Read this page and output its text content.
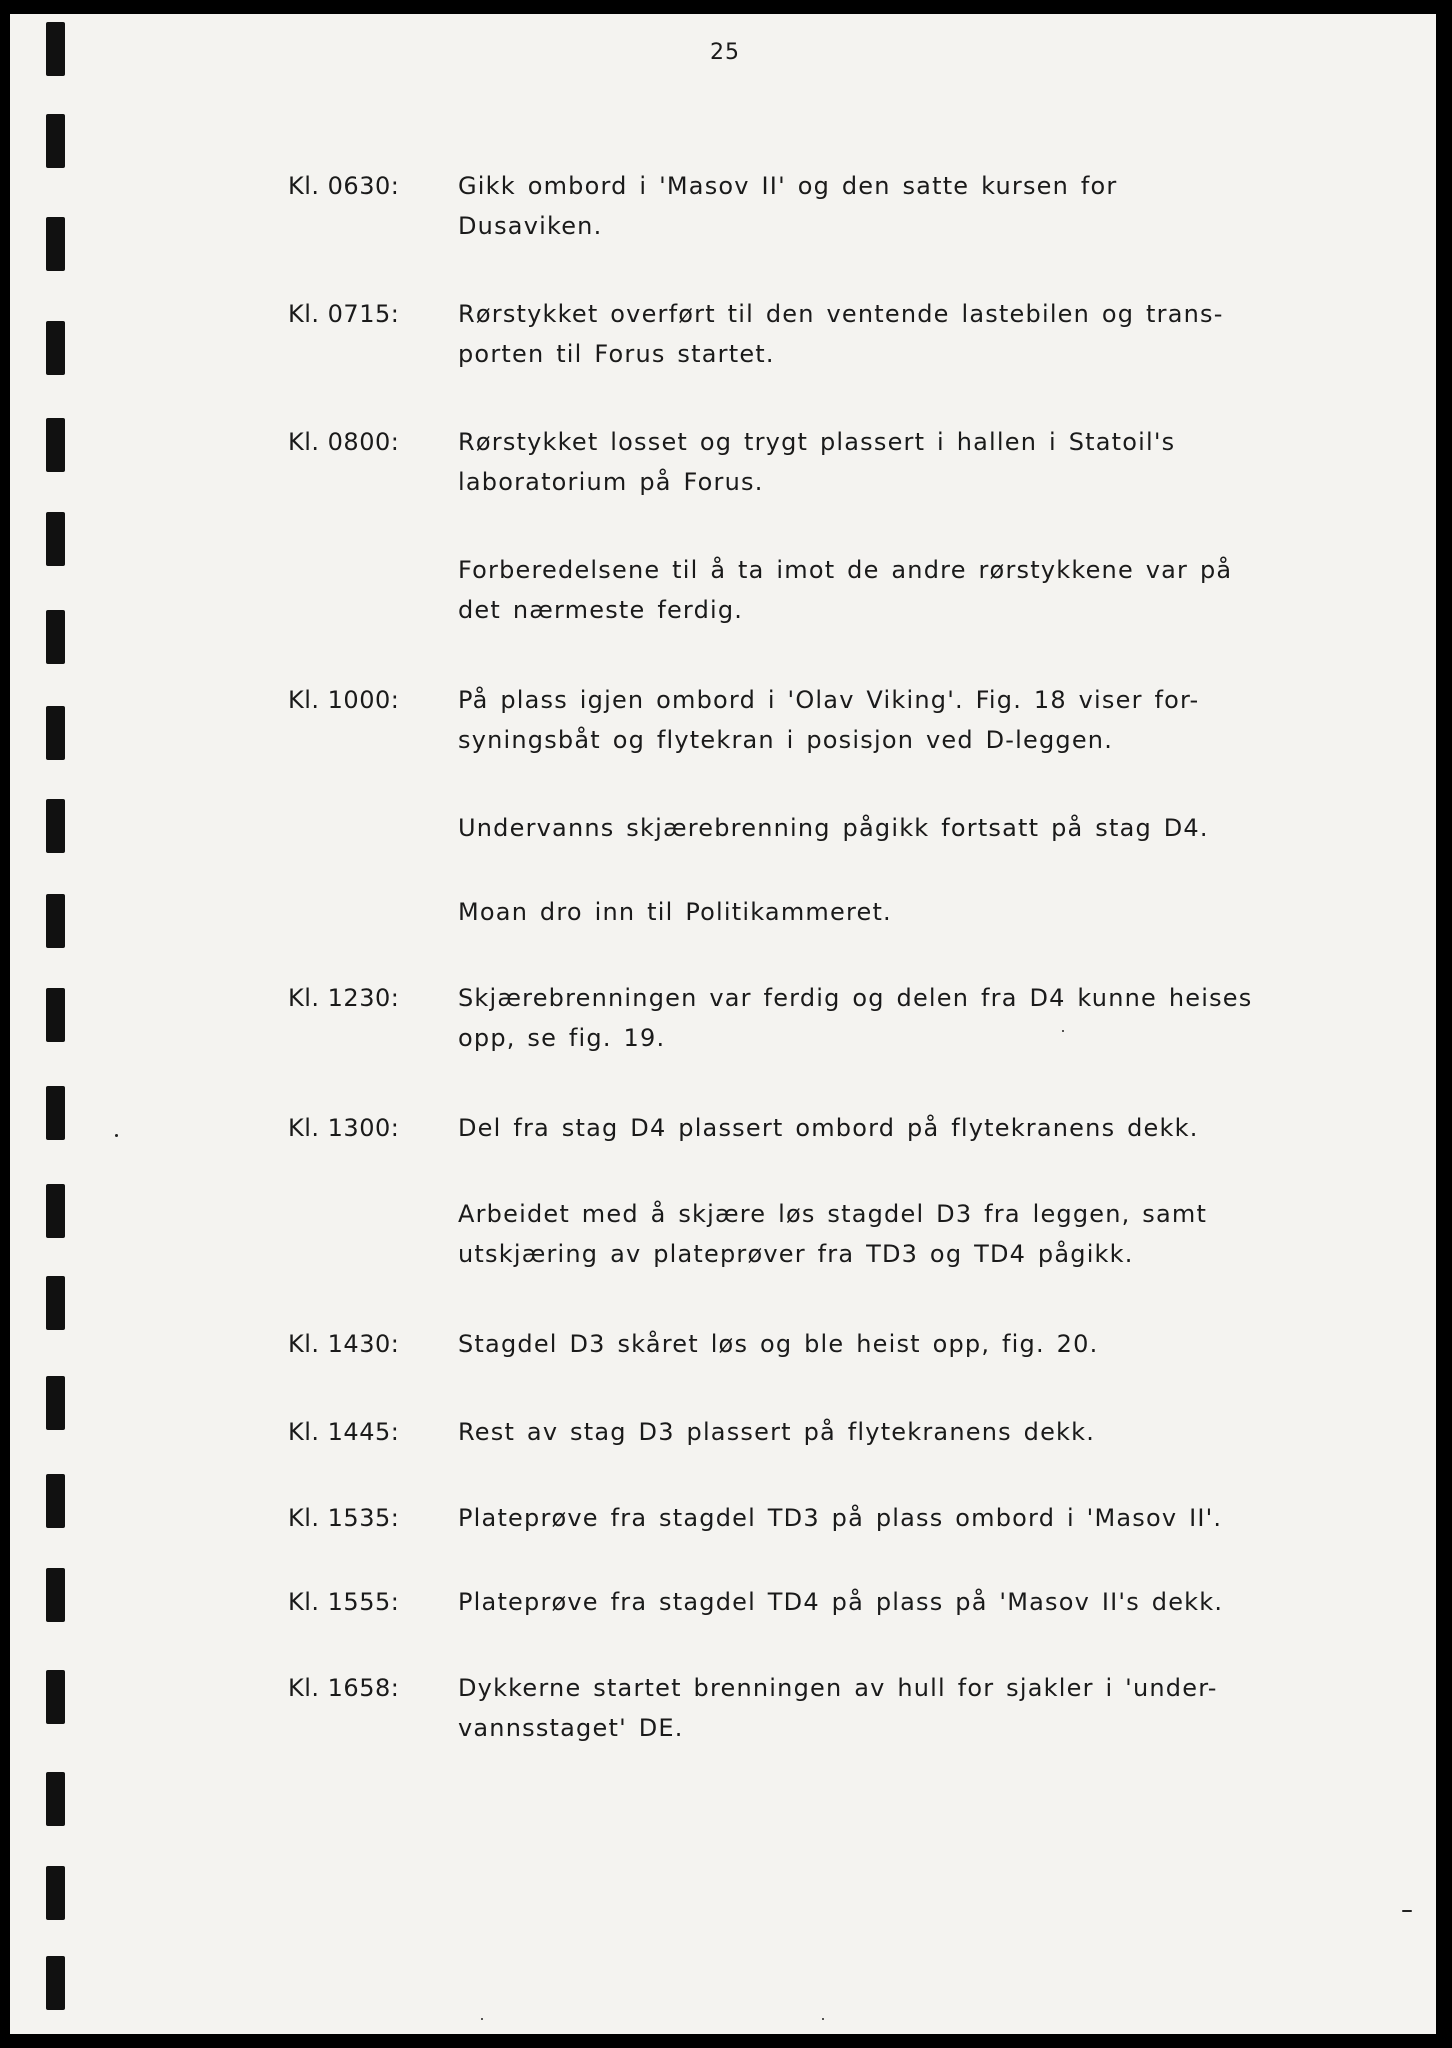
25
Kl. 0630: Gikk ombord i 'Masov II' og den satte kursen for
Dusaviken.
Kl. 0715: Rørstykket overført til den ventende lastebilen og trans-
porten til Forus startet.
Kl. 0800: Rørstykket losset og trygt plassert i hallen i Statoil's
laboratorium på Forus.
Forberedelsene til å ta imot de andre rørstykkene var på
det nærmeste ferdig.
Kl. 1000: På plass igjen ombord i 'Olav Viking'. Fig. 18 viser for-
syningsbåt og flytekran i posisjon ved D-leggen.
Undervanns skjærebrenning pågikk fortsatt på stag D4.
Moan dro inn til Politikammeret.
Kl. 1230: Skjærebrenningen var ferdig og delen fra D4 kunne heises
opp, se fig. 19.
Kl. 1300: Del fra stag D4 plassert ombord på flytekranens dekk.
Arbeidet med å skjære løs stagdel D3 fra leggen, samt
utskjæring av plateprøver fra TD3 og TD4 pågikk.
Kl. 1430: Stagdel D3 skåret løs og ble heist opp, fig. 20.
Kl. 1445: Rest av stag D3 plassert på flytekranens dekk.
Kl. 1535: Plateprøve fra stagdel TD3 på plass ombord i 'Masov II'.
Kl. 1555: Plateprøve fra stagdel TD4 på plass på 'Masov II's dekk.
Kl. 1658: Dykkerne startet brenningen av hull for sjakler i 'under-
vannsstaget' DE.
